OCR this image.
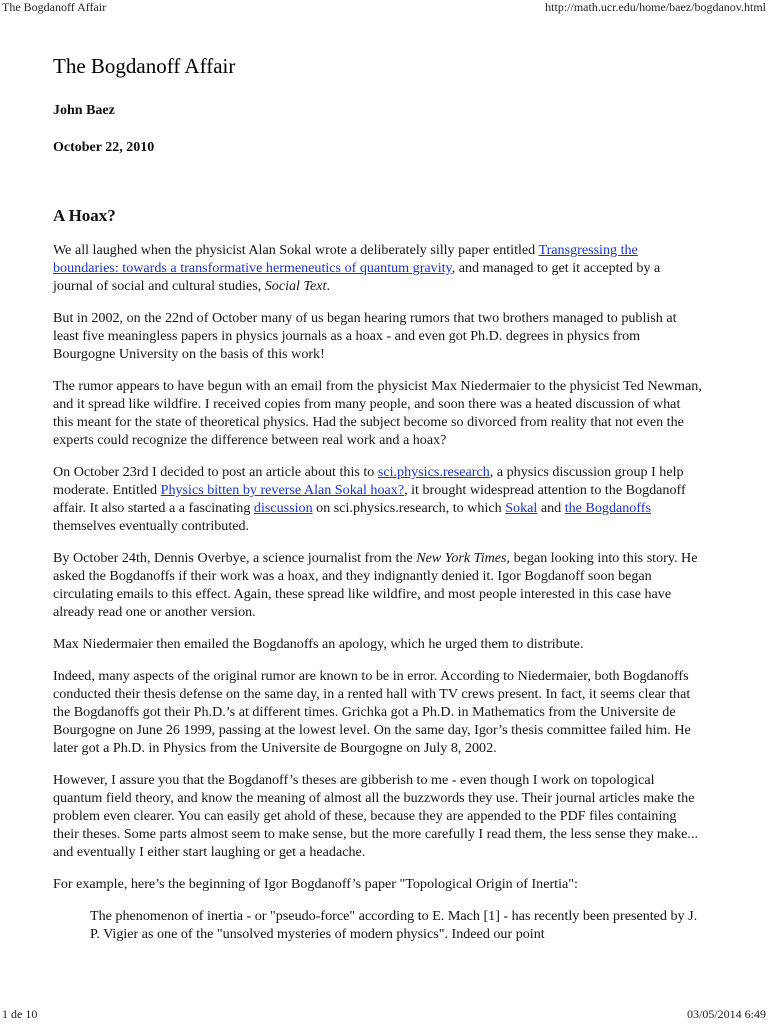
The Bogdanoff Affair	http://math.ucr.edu/home/baez/bogdanov.html
The Bogdanoff Affair
John Baez
October 22, 2010
A Hoax?

We all laughed when the physicist Alan Sokal wrote a deliberately silly paper entitled Transgressing the boundaries: towards a transformative hermeneutics of quantum gravity, and managed to get it accepted by a journal of social and cultural studies, Social Text.

But in 2002, on the 22nd of October many of us began hearing rumors that two brothers managed to publish at least five meaningless papers in physics journals as a hoax - and even got Ph.D. degrees in physics from Bourgogne University on the basis of this work!

The rumor appears to have begun with an email from the physicist Max Niedermaier to the physicist Ted Newman, and it spread like wildfire. I received copies from many people, and soon there was a heated discussion of what this meant for the state of theoretical physics. Had the subject become so divorced from reality that not even the experts could recognize the difference between real work and a hoax?

On October 23rd I decided to post an article about this to sci.physics.research, a physics discussion group I help moderate. Entitled Physics bitten by reverse Alan Sokal hoax?, it brought widespread attention to the Bogdanoff affair. It also started a a fascinating discussion on sci.physics.research, to which Sokal and the Bogdanoffs themselves eventually contributed.

By October 24th, Dennis Overbye, a science journalist from the New York Times, began looking into this story. He asked the Bogdanoffs if their work was a hoax, and they indignantly denied it. Igor Bogdanoff soon began circulating emails to this effect. Again, these spread like wildfire, and most people interested in this case have already read one or another version.

Max Niedermaier then emailed the Bogdanoffs an apology, which he urged them to distribute.

Indeed, many aspects of the original rumor are known to be in error. According to Niedermaier, both Bogdanoffs conducted their thesis defense on the same day, in a rented hall with TV crews present. In fact, it seems clear that the Bogdanoffs got their Ph.D.’s at different times. Grichka got a Ph.D. in Mathematics from the Universite de Bourgogne on June 26 1999, passing at the lowest level. On the same day, Igor’s thesis committee failed him. He later got a Ph.D. in Physics from the Universite de Bourgogne on July 8, 2002.

However, I assure you that the Bogdanoff’s theses are gibberish to me - even though I work on topological quantum field theory, and know the meaning of almost all the buzzwords they use. Their journal articles make the problem even clearer. You can easily get ahold of these, because they are appended to the PDF files containing their theses. Some parts almost seem to make sense, but the more carefully I read them, the less sense they make... and eventually I either start laughing or get a headache.

For example, here’s the beginning of Igor Bogdanoff’s paper "Topological Origin of Inertia":

The phenomenon of inertia - or "pseudo-force" according to E. Mach [1] - has recently been presented by J. P. Vigier as one of the "unsolved mysteries of modern physics". Indeed our point
1 de 10	03/05/2014 6:49
